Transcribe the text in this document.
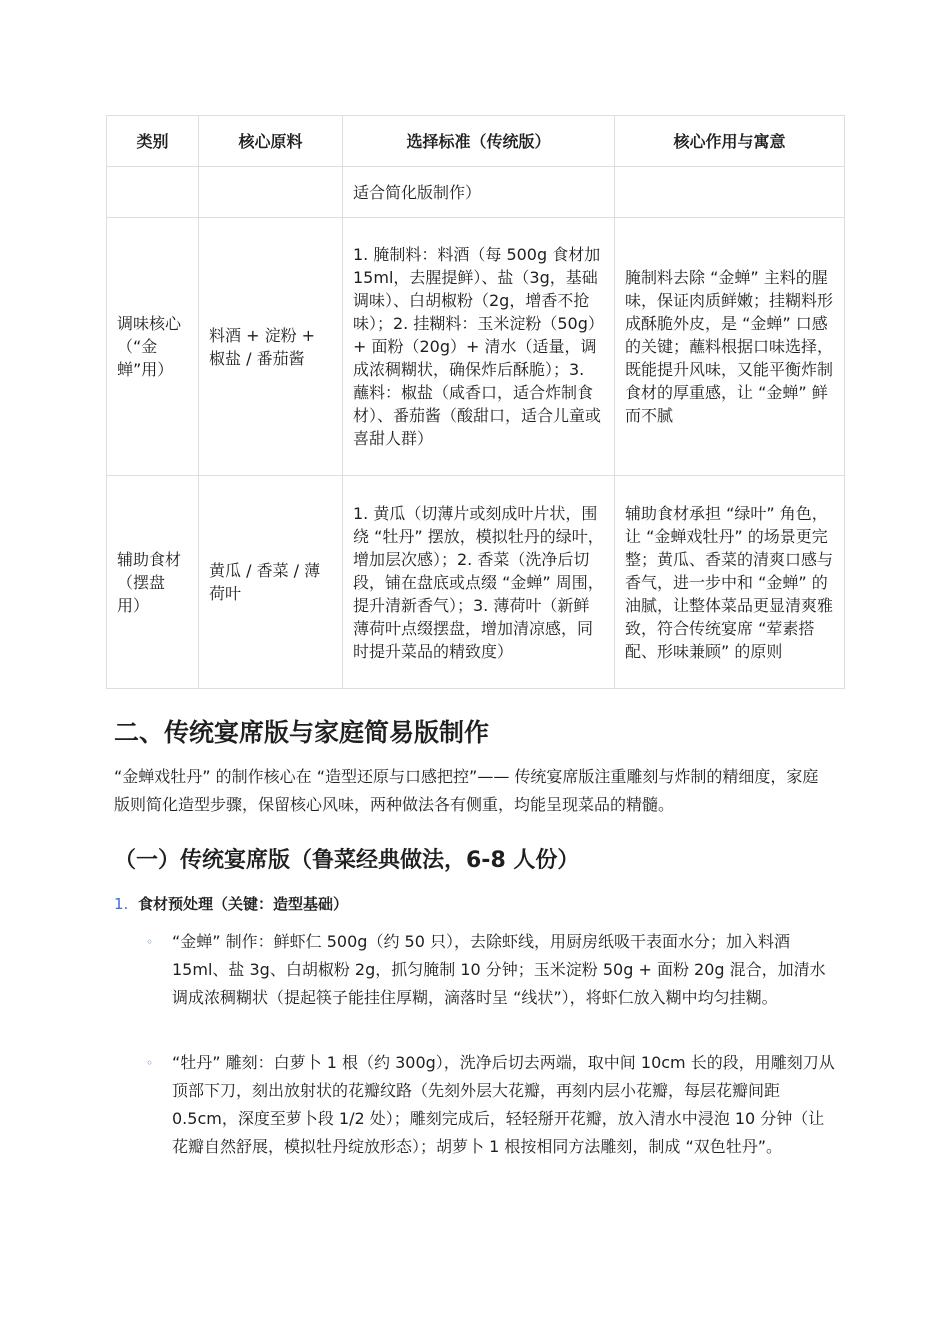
类别	核心原料	选择标准（传统版）	核心作用与寓意
		适合简化版制作）	
调味核心（“金蝉”用）	料酒 + 淀粉 + 椒盐 / 番茄酱	1. 腌制料：料酒（每 500g 食材加 15ml，去腥提鲜）、盐（3g，基础调味）、白胡椒粉（2g，增香不抢味）；2. 挂糊料：玉米淀粉（50g）+ 面粉（20g）+ 清水（适量，调成浓稠糊状，确保炸后酥脆）；3. 蘸料：椒盐（咸香口，适合炸制食材）、番茄酱（酸甜口，适合儿童或喜甜人群）	腌制料去除 “金蝉” 主料的腥味，保证肉质鲜嫩；挂糊料形成酥脆外皮，是 “金蝉” 口感的关键；蘸料根据口味选择，既能提升风味，又能平衡炸制食材的厚重感，让 “金蝉” 鲜而不腻
辅助食材（摆盘用）	黄瓜 / 香菜 / 薄荷叶	1. 黄瓜（切薄片或刻成叶片状，围绕 “牡丹” 摆放，模拟牡丹的绿叶，增加层次感）；2. 香菜（洗净后切段，铺在盘底或点缀 “金蝉” 周围，提升清新香气）；3. 薄荷叶（新鲜薄荷叶点缀摆盘，增加清凉感，同时提升菜品的精致度）	辅助食材承担 “绿叶” 角色，让 “金蝉戏牡丹” 的场景更完整；黄瓜、香菜的清爽口感与香气，进一步中和 “金蝉” 的油腻，让整体菜品更显清爽雅致，符合传统宴席 “荤素搭配、形味兼顾” 的原则
二、传统宴席版与家庭简易版制作

“金蝉戏牡丹” 的制作核心在 “造型还原与口感把控”—— 传统宴席版注重雕刻与炸制的精细度，家庭版则简化造型步骤，保留核心风味，两种做法各有侧重，均能呈现菜品的精髓。

（一）传统宴席版（鲁菜经典做法，6-8 人份）
1. 食材预处理（关键：造型基础）
◦	“金蝉” 制作：鲜虾仁 500g（约 50 只），去除虾线，用厨房纸吸干表面水分；加入料酒 15ml、盐 3g、白胡椒粉 2g，抓匀腌制 10 分钟；玉米淀粉 50g + 面粉 20g 混合，加清水调成浓稠糊状（提起筷子能挂住厚糊，滴落时呈 “线状”），将虾仁放入糊中均匀挂糊。
◦	“牡丹” 雕刻：白萝卜 1 根（约 300g），洗净后切去两端，取中间 10cm 长的段，用雕刻刀从顶部下刀，刻出放射状的花瓣纹路（先刻外层大花瓣，再刻内层小花瓣，每层花瓣间距 0.5cm，深度至萝卜段 1/2 处）；雕刻完成后，轻轻掰开花瓣，放入清水中浸泡 10 分钟（让花瓣自然舒展，模拟牡丹绽放形态）；胡萝卜 1 根按相同方法雕刻，制成 “双色牡丹”。
